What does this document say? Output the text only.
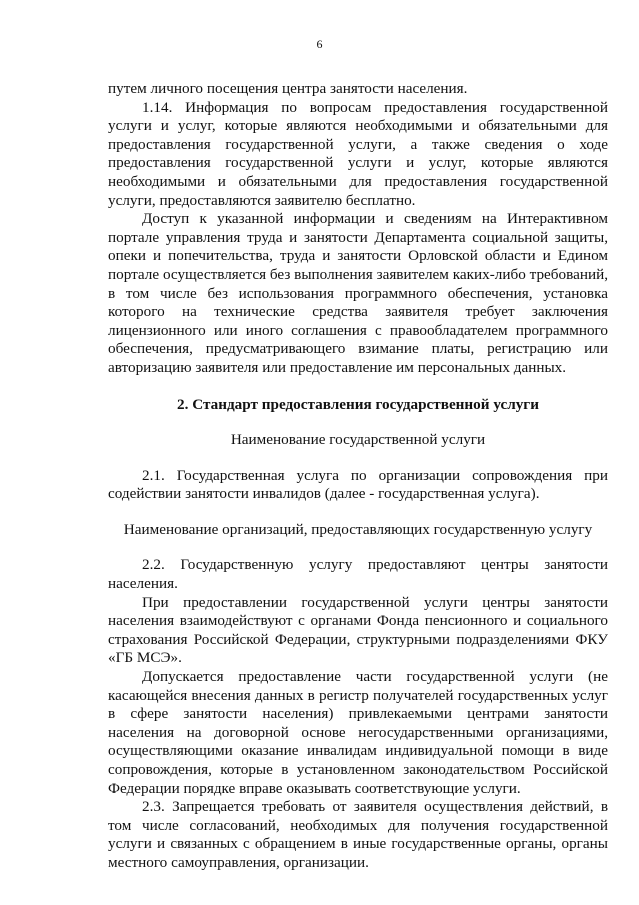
6

путем личного посещения центра занятости населения.

1.14. Информация по вопросам предоставления государственной услуги и услуг, которые являются необходимыми и обязательными для предоставления государственной услуги, а также сведения о ходе предоставления государственной услуги и услуг, которые являются необходимыми и обязательными для предоставления государственной услуги, предоставляются заявителю бесплатно.

Доступ к указанной информации и сведениям на Интерактивном портале управления труда и занятости Департамента социальной защиты, опеки и попечительства, труда и занятости Орловской области и Едином портале осуществляется без выполнения заявителем каких-либо требований, в том числе без использования программного обеспечения, установка которого на технические средства заявителя требует заключения лицензионного или иного соглашения с правообладателем программного обеспечения, предусматривающего взимание платы, регистрацию или авторизацию заявителя или предоставление им персональных данных.

2. Стандарт предоставления государственной услуги

Наименование государственной услуги

2.1. Государственная услуга по организации сопровождения при содействии занятости инвалидов (далее - государственная услуга).

Наименование организаций, предоставляющих государственную услугу

2.2. Государственную услугу предоставляют центры занятости населения.

При предоставлении государственной услуги центры занятости населения взаимодействуют с органами Фонда пенсионного и социального страхования Российской Федерации, структурными подразделениями ФКУ «ГБ МСЭ».

Допускается предоставление части государственной услуги (не касающейся внесения данных в регистр получателей государственных услуг в сфере занятости населения) привлекаемыми центрами занятости населения на договорной основе негосударственными организациями, осуществляющими оказание инвалидам индивидуальной помощи в виде сопровождения, которые в установленном законодательством Российской Федерации порядке вправе оказывать соответствующие услуги.

2.3. Запрещается требовать от заявителя осуществления действий, в том числе согласований, необходимых для получения государственной услуги и связанных с обращением в иные государственные органы, органы местного самоуправления, организации.
